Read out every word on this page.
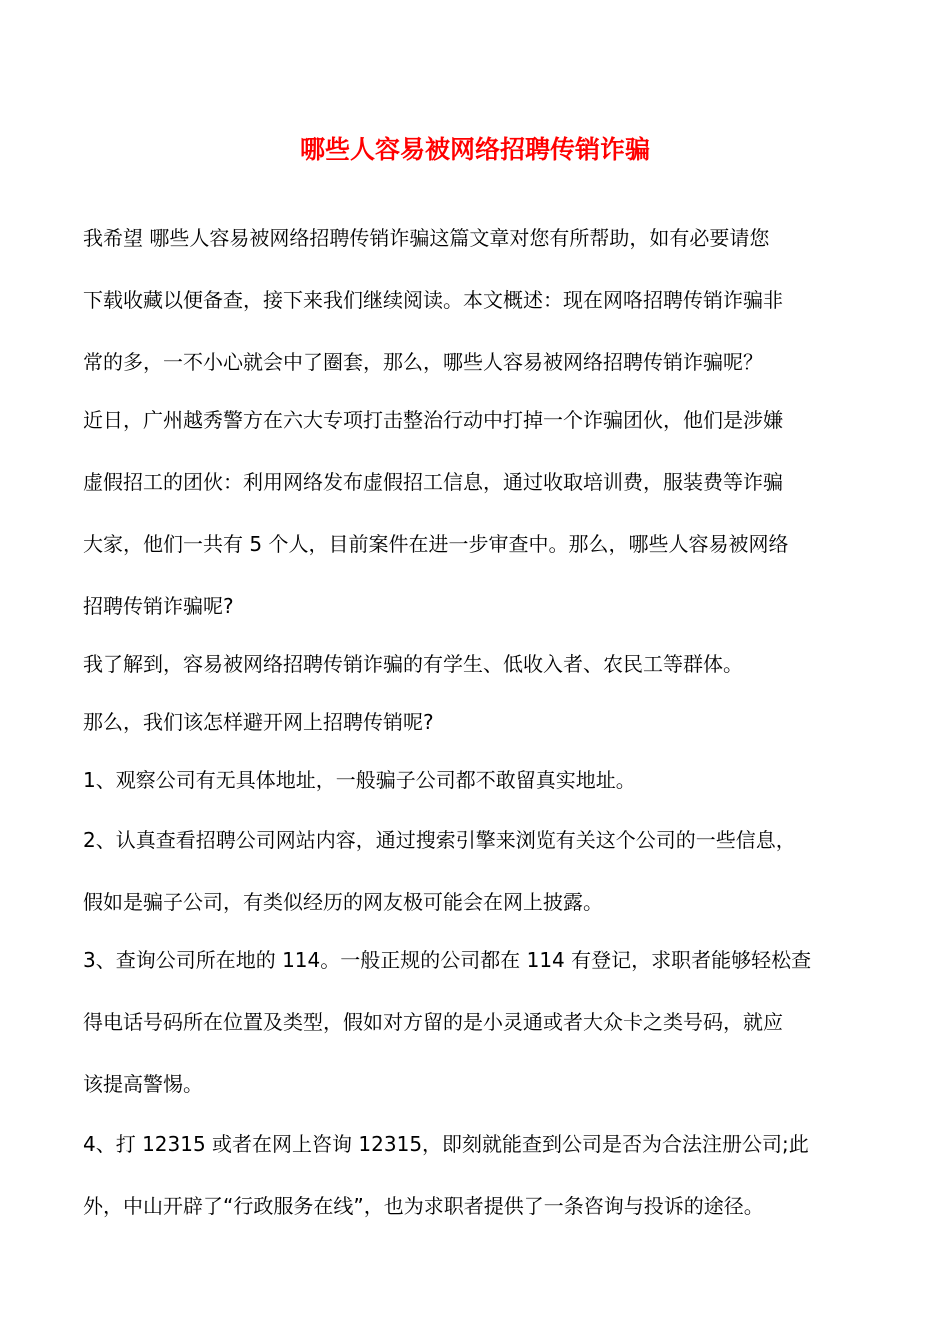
哪些人容易被网络招聘传销诈骗
我希望 哪些人容易被网络招聘传销诈骗这篇文章对您有所帮助，如有必要请您
下载收藏以便备查，接下来我们继续阅读。本文概述：现在网咯招聘传销诈骗非
常的多，一不小心就会中了圈套，那么，哪些人容易被网络招聘传销诈骗呢？
近日，广州越秀警方在六大专项打击整治行动中打掉一个诈骗团伙，他们是涉嫌
虚假招工的团伙：利用网络发布虚假招工信息，通过收取培训费，服装费等诈骗
大家，他们一共有 5 个人，目前案件在进一步审查中。那么，哪些人容易被网络
招聘传销诈骗呢?
我了解到，容易被网络招聘传销诈骗的有学生、低收入者、农民工等群体。
那么，我们该怎样避开网上招聘传销呢?
1、观察公司有无具体地址，一般骗子公司都不敢留真实地址。
2、认真查看招聘公司网站内容，通过搜索引擎来浏览有关这个公司的一些信息，
假如是骗子公司，有类似经历的网友极可能会在网上披露。
3、查询公司所在地的 114。一般正规的公司都在 114 有登记，求职者能够轻松查
得电话号码所在位置及类型，假如对方留的是小灵通或者大众卡之类号码，就应
该提高警惕。
4、打 12315 或者在网上咨询 12315，即刻就能查到公司是否为合法注册公司;此
外，中山开辟了“行政服务在线”，也为求职者提供了一条咨询与投诉的途径。
